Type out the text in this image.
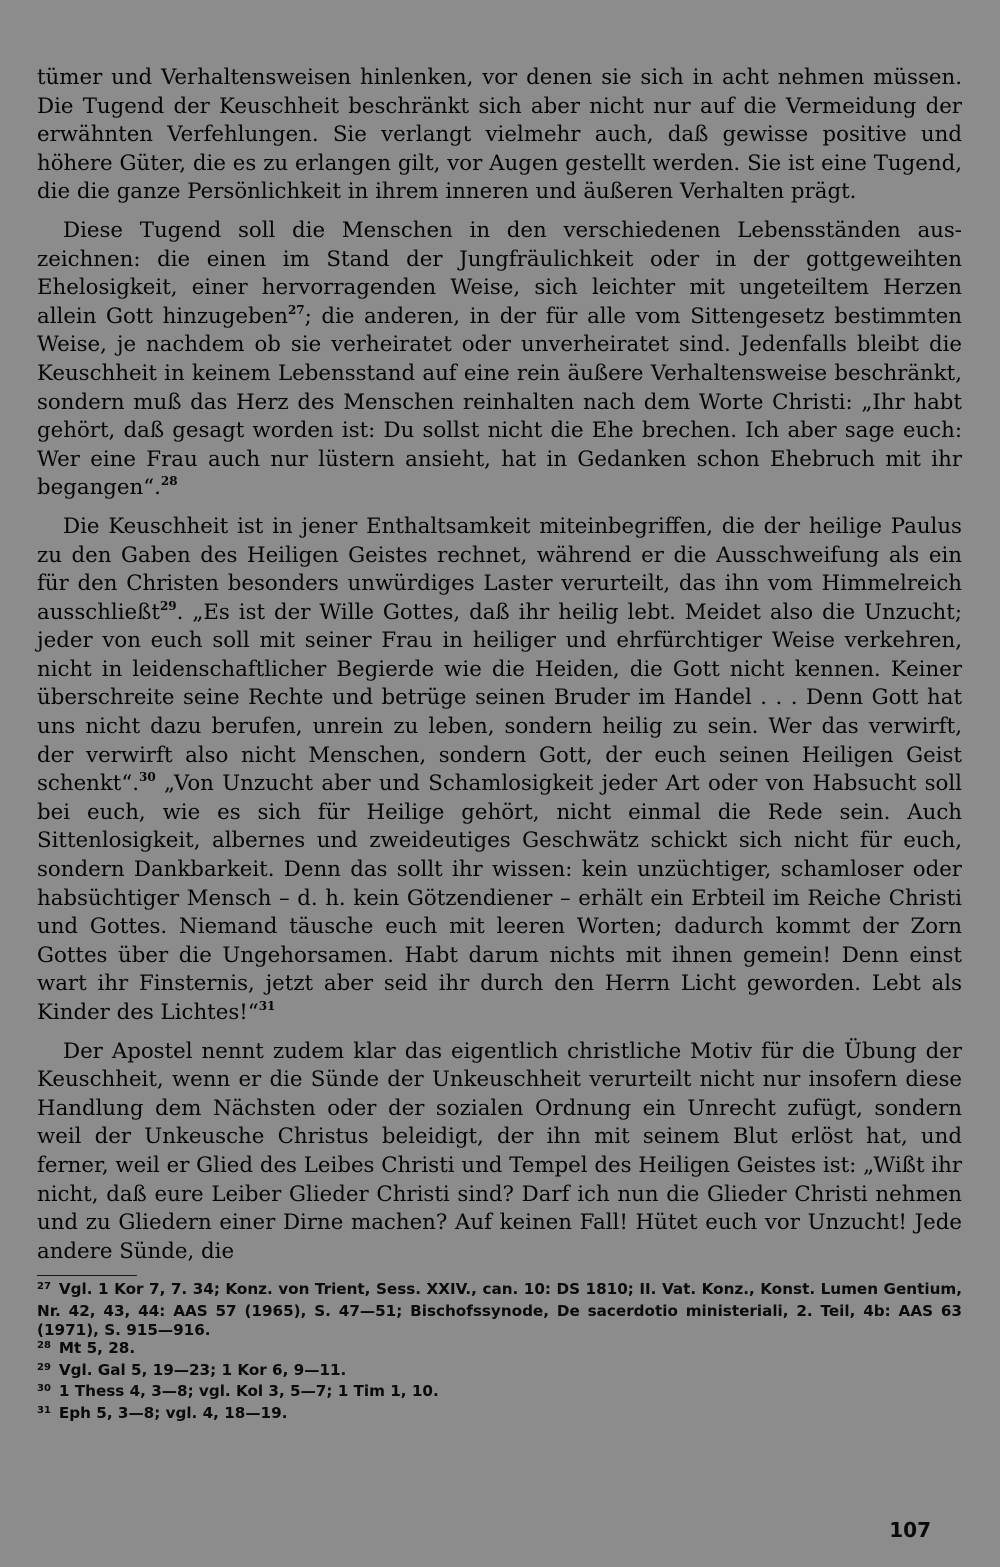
tümer und Verhaltensweisen hinlenken, vor denen sie sich in acht nehmen müssen. Die Tugend der Keuschheit beschränkt sich aber nicht nur auf die Vermeidung der erwähnten Verfehlungen. Sie verlangt vielmehr auch, daß gewisse positive und höhere Güter, die es zu erlangen gilt, vor Augen gestellt werden. Sie ist eine Tugend, die die ganze Persönlichkeit in ihrem inneren und äußeren Verhalten prägt.

Diese Tugend soll die Menschen in den verschiedenen Lebensständen auszeichnen: die einen im Stand der Jungfräulichkeit oder in der gottgeweihten Ehelosigkeit, einer hervorragenden Weise, sich leichter mit ungeteiltem Herzen allein Gott hinzugeben$^{27}$; die anderen, in der für alle vom Sittengesetz bestimmten Weise, je nachdem ob sie verheiratet oder unverheiratet sind. Jedenfalls bleibt die Keuschheit in keinem Lebensstand auf eine rein äußere Verhaltensweise beschränkt, sondern muß das Herz des Menschen reinhalten nach dem Worte Christi: „Ihr habt gehört, daß gesagt worden ist: Du sollst nicht die Ehe brechen. Ich aber sage euch: Wer eine Frau auch nur lüstern ansieht, hat in Gedanken schon Ehebruch mit ihr begangen“.$^{28}$

Die Keuschheit ist in jener Enthaltsamkeit miteinbegriffen, die der heilige Paulus zu den Gaben des Heiligen Geistes rechnet, während er die Ausschweifung als ein für den Christen besonders unwürdiges Laster verurteilt, das ihn vom Himmelreich ausschließt$^{29}$. „Es ist der Wille Gottes, daß ihr heilig lebt. Meidet also die Unzucht; jeder von euch soll mit seiner Frau in heiliger und ehrfürchtiger Weise verkehren, nicht in leidenschaftlicher Begierde wie die Heiden, die Gott nicht kennen. Keiner überschreite seine Rechte und betrüge seinen Bruder im Handel . . . Denn Gott hat uns nicht dazu berufen, unrein zu leben, sondern heilig zu sein. Wer das verwirft, der verwirft also nicht Menschen, sondern Gott, der euch seinen Heiligen Geist schenkt“.$^{30}$ „Von Unzucht aber und Schamlosigkeit jeder Art oder von Habsucht soll bei euch, wie es sich für Heilige gehört, nicht einmal die Rede sein. Auch Sittenlosigkeit, albernes und zweideutiges Geschwätz schickt sich nicht für euch, sondern Dankbarkeit. Denn das sollt ihr wissen: kein unzüchtiger, schamloser oder habsüchtiger Mensch – d. h. kein Götzendiener – erhält ein Erbteil im Reiche Christi und Gottes. Niemand täusche euch mit leeren Worten; dadurch kommt der Zorn Gottes über die Ungehorsamen. Habt darum nichts mit ihnen gemein! Denn einst wart ihr Finsternis, jetzt aber seid ihr durch den Herrn Licht geworden. Lebt als Kinder des Lichtes!“$^{31}$

Der Apostel nennt zudem klar das eigentlich christliche Motiv für die Übung der Keuschheit, wenn er die Sünde der Unkeuschheit verurteilt nicht nur insofern diese Handlung dem Nächsten oder der sozialen Ordnung ein Unrecht zufügt, sondern weil der Unkeusche Christus beleidigt, der ihn mit seinem Blut erlöst hat, und ferner, weil er Glied des Leibes Christi und Tempel des Heiligen Geistes ist: „Wißt ihr nicht, daß eure Leiber Glieder Christi sind? Darf ich nun die Glieder Christi nehmen und zu Gliedern einer Dirne machen? Auf keinen Fall! Hütet euch vor Unzucht! Jede andere Sünde, die

$^{27}$ Vgl. 1 Kor 7, 7. 34; Konz. von Trient, Sess. XXIV., can. 10: DS 1810; II. Vat. Konz., Konst. Lumen Gentium, Nr. 42, 43, 44: AAS 57 (1965), S. 47—51; Bischofssynode, De sacerdotio ministeriali, 2. Teil, 4b: AAS 63 (1971), S. 915—916.

$^{28}$ Mt 5, 28.

$^{29}$ Vgl. Gal 5, 19—23; 1 Kor 6, 9—11.

$^{30}$ 1 Thess 4, 3—8; vgl. Kol 3, 5—7; 1 Tim 1, 10.

$^{31}$ Eph 5, 3—8; vgl. 4, 18—19.

107
